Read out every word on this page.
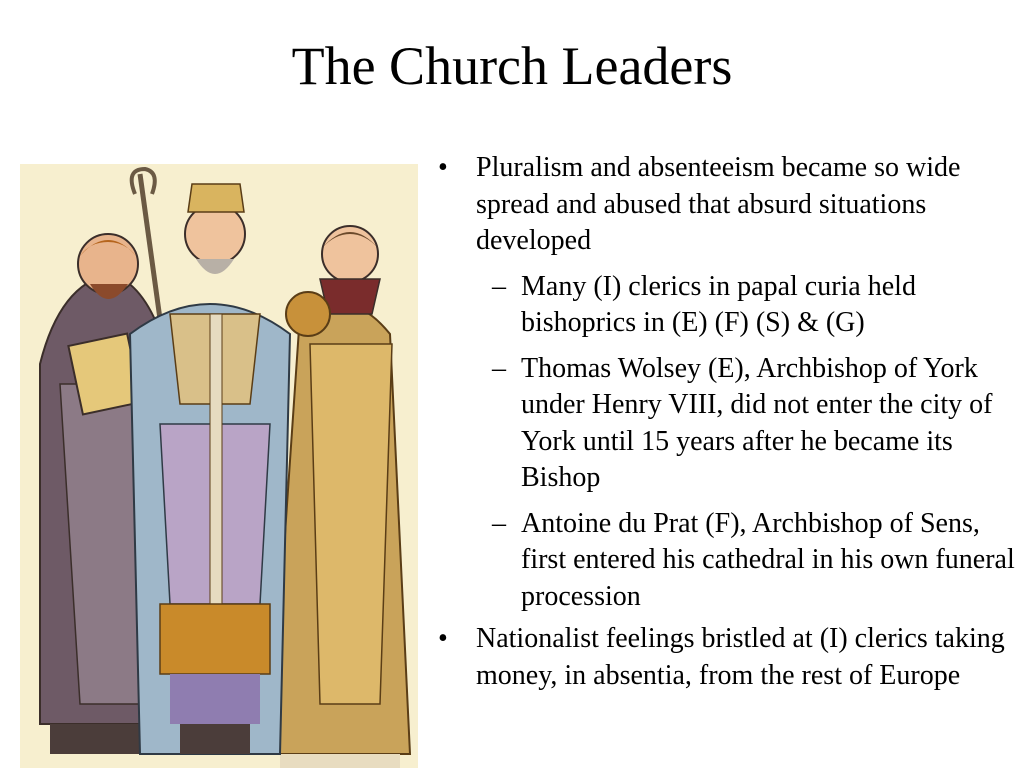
The Church Leaders
• Pluralism and absenteeism became so wide spread and abused that absurd situations developed
– Many (I) clerics in papal curia held bishoprics in (E) (F) (S) & (G)
– Thomas Wolsey (E), Archbishop of York under Henry VIII, did not enter the city of York until 15 years after he became its Bishop
– Antoine du Prat (F), Archbishop of Sens, first entered his cathedral in his own funeral procession
• Nationalist feelings bristled at (I) clerics taking money, in absentia, from the rest of Europe
